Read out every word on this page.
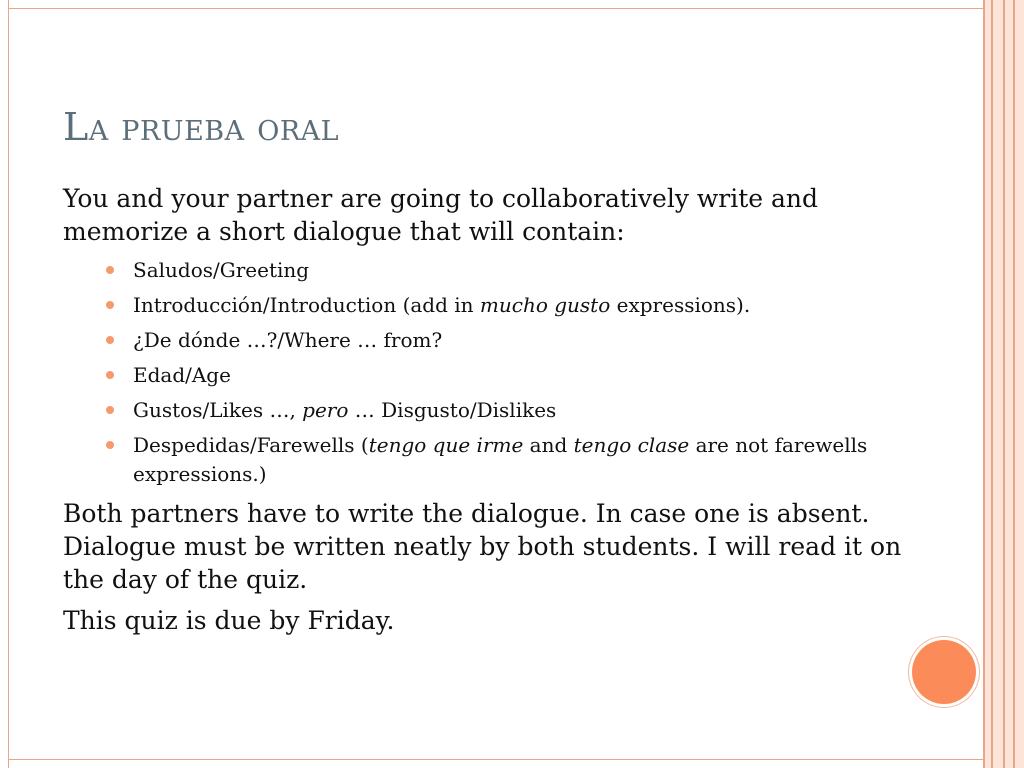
La prueba oral

You and your partner are going to collaboratively write and memorize a short dialogue that will contain:

Saludos/Greeting
Introducción/Introduction (add in mucho gusto expressions).
¿De dónde …?/Where … from?
Edad/Age
Gustos/Likes …, pero … Disgusto/Dislikes
Despedidas/Farewells (tengo que irme and tengo clase are not farewells expressions.)

Both partners have to write the dialogue. In case one is absent. Dialogue must be written neatly by both students. I will read it on the day of the quiz.

This quiz is due by Friday.
